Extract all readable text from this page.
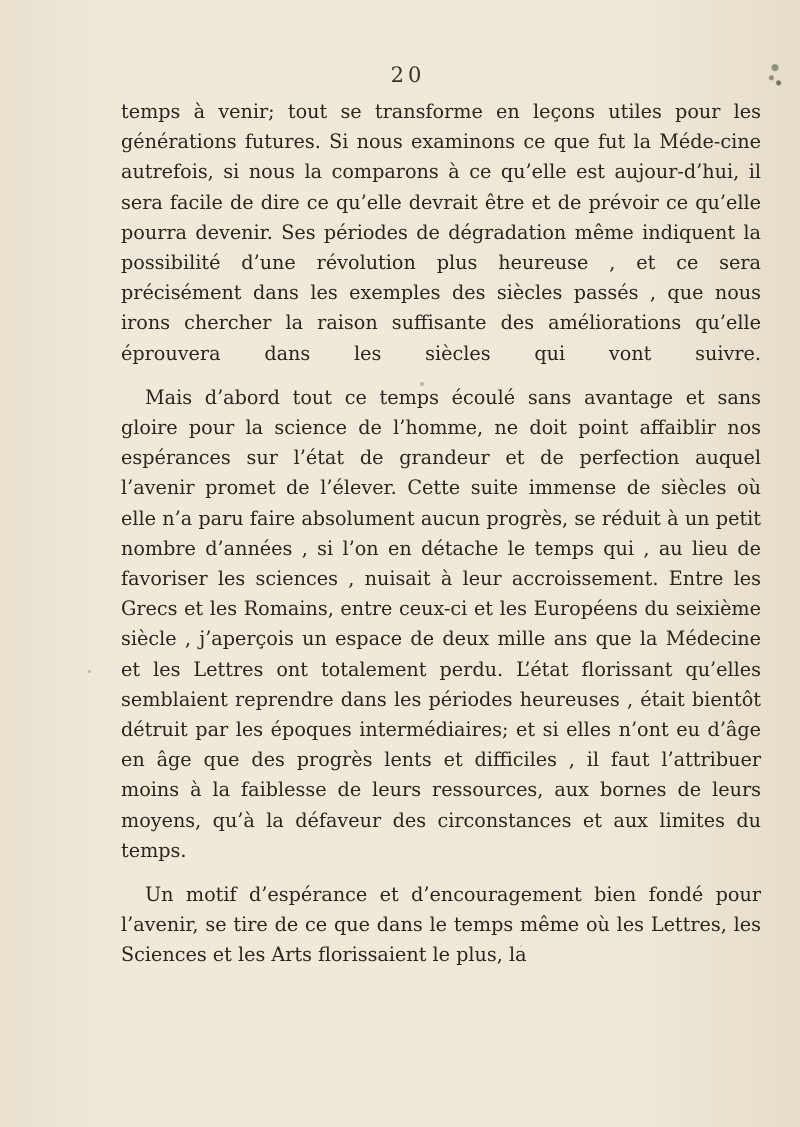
20

temps à venir; tout se transforme en leçons utiles pour les générations futures. Si nous examinons ce que fut la Méde-cine autrefois, si nous la comparons à ce qu’elle est aujour-d’hui, il sera facile de dire ce qu’elle devrait être et de prévoir ce qu’elle pourra devenir. Ses périodes de dégradation même indiquent la possibilité d’une révolution plus heureuse , et ce sera précisément dans les exemples des siècles passés , que nous irons chercher la raison suffisante des améliorations qu’elle éprouvera dans les siècles qui vont suivre.

Mais d’abord tout ce temps écoulé sans avantage et sans gloire pour la science de l’homme, ne doit point affaiblir nos espérances sur l’état de grandeur et de perfection auquel l’avenir promet de l’élever. Cette suite immense de siècles où elle n’a paru faire absolument aucun progrès, se réduit à un petit nombre d’années , si l’on en détache le temps qui , au lieu de favoriser les sciences , nuisait à leur accroissement. Entre les Grecs et les Romains, entre ceux-ci et les Européens du seixième siècle , j’aperçois un espace de deux mille ans que la Médecine et les Lettres ont totalement perdu. L’état florissant qu’elles semblaient reprendre dans les périodes heureuses , était bientôt détruit par les époques intermédiaires; et si elles n’ont eu d’âge en âge que des progrès lents et difficiles , il faut l’attribuer moins à la faiblesse de leurs ressources, aux bornes de leurs moyens, qu’à la défaveur des circonstances et aux limites du temps.

Un motif d’espérance et d’encouragement bien fondé pour l’avenir, se tire de ce que dans le temps même où les Lettres, les Sciences et les Arts florissaient le plus, la
